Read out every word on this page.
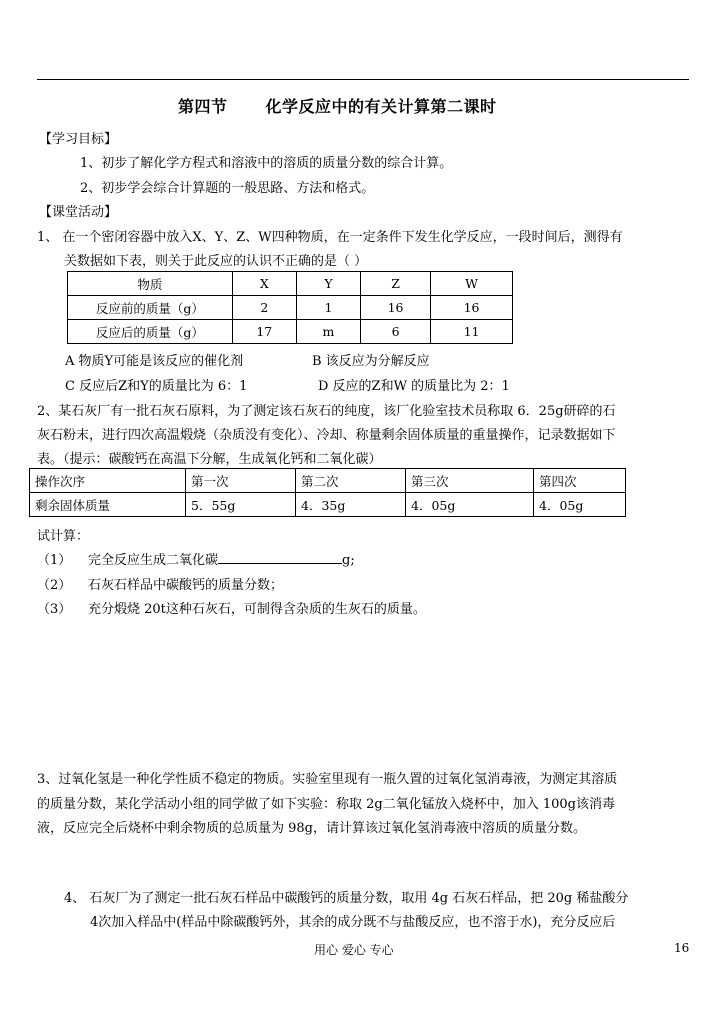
第四节 化学反应中的有关计算第二课时
【学习目标】
1、初步了解化学方程式和溶液中的溶质的质量分数的综合计算。
2、初步学会综合计算题的一般思路、方法和格式。
【课堂活动】
1、 在一个密闭容器中放入X、Y、Z、W四种物质，在一定条件下发生化学反应，一段时间后，测得有
关数据如下表，则关于此反应的认识不正确的是（ ）
物质	X	Y	Z	W
反应前的质量（g）	2	1	16	16
反应后的质量（g）	17	m	6	11
A 物质Y可能是该反应的催化剂	B 该反应为分解反应
C 反应后Z和Y的质量比为 6：1	D 反应的Z和W 的质量比为 2：1
2、某石灰厂有一批石灰石原料，为了测定该石灰石的纯度，该厂化验室技术员称取 6．25g研碎的石
灰石粉末，进行四次高温煅烧（杂质没有变化）、冷却、称量剩余固体质量的重量操作，记录数据如下
表。（提示：碳酸钙在高温下分解，生成氧化钙和二氧化碳）
操作次序	第一次	第二次	第三次	第四次
剩余固体质量	5．55g	4．35g	4．05g	4．05g
试计算：
（1） 完全反应生成二氧化碳	g;
（2） 石灰石样品中碳酸钙的质量分数；
（3） 充分煅烧 20t这种石灰石，可制得含杂质的生灰石的质量。
3、过氧化氢是一种化学性质不稳定的物质。实验室里现有一瓶久置的过氧化氢消毒液，为测定其溶质
的质量分数，某化学活动小组的同学做了如下实验：称取 2g二氧化锰放入烧杯中，加入 100g该消毒
液，反应完全后烧杯中剩余物质的总质量为 98g，请计算该过氧化氢消毒液中溶质的质量分数。
4、 石灰厂为了测定一批石灰石样品中碳酸钙的质量分数，取用 4g 石灰石样品，把 20g 稀盐酸分
4次加入样品中(样品中除碳酸钙外，其余的成分既不与盐酸反应，也不溶于水)，充分反应后
用心 爱心 专心	16
